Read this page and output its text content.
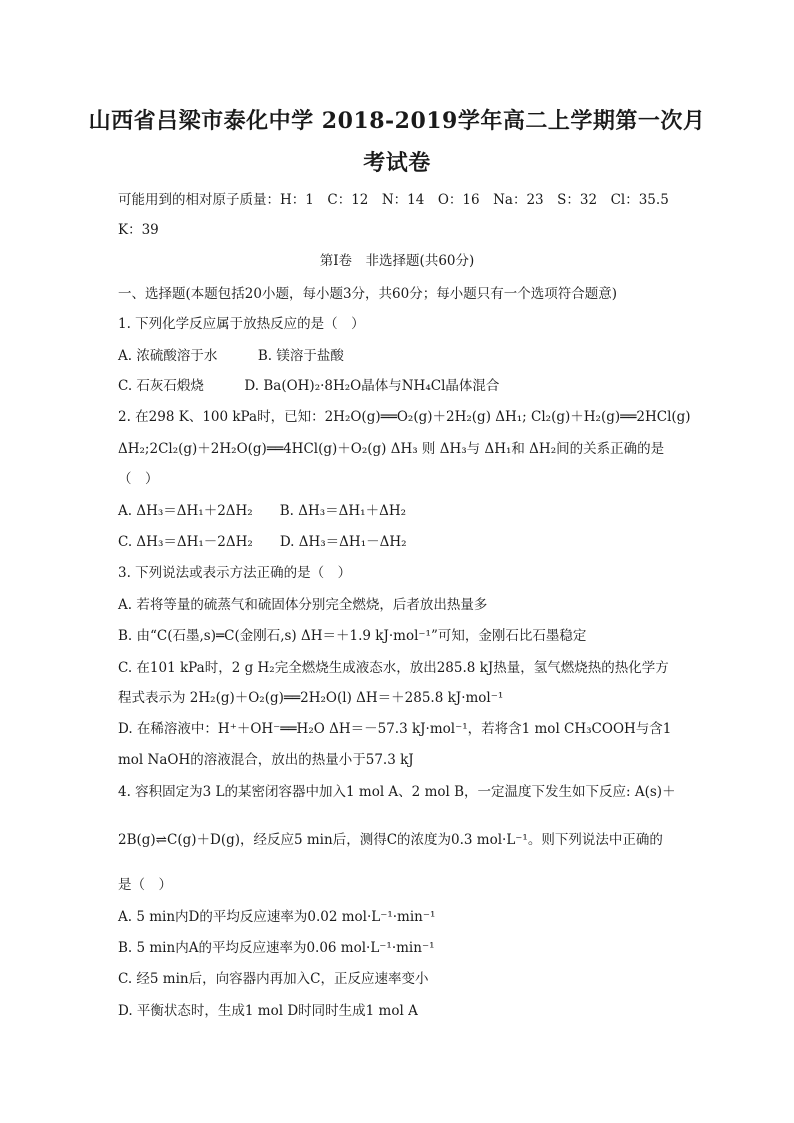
山西省吕梁市泰化中学 2018-2019学年高二上学期第一次月
考试卷
可能用到的相对原子质量：H：1　C：12　N：14　O：16　Na：23　S：32　Cl：35.5
K：39
第Ⅰ卷　非选择题(共60分)
一、选择题(本题包括20小题，每小题3分，共60分；每小题只有一个选项符合题意)
1. 下列化学反应属于放热反应的是（　）
A. 浓硫酸溶于水　　　B. 镁溶于盐酸
C. 石灰石煅烧　　　D. Ba(OH)₂·8H₂O晶体与NH₄Cl晶体混合
2. 在298 K、100 kPa时，已知：2H₂O(g)══O₂(g)＋2H₂(g) ΔH₁; Cl₂(g)＋H₂(g)══2HCl(g)
ΔH₂;2Cl₂(g)＋2H₂O(g)══4HCl(g)＋O₂(g) ΔH₃ 则 ΔH₃与 ΔH₁和 ΔH₂间的关系正确的是
（　）
A. ΔH₃＝ΔH₁＋2ΔH₂　　B. ΔH₃＝ΔH₁＋ΔH₂
C. ΔH₃＝ΔH₁－2ΔH₂　　D. ΔH₃＝ΔH₁－ΔH₂
3. 下列说法或表示方法正确的是（　）
A. 若将等量的硫蒸气和硫固体分别完全燃烧，后者放出热量多
B. 由“C(石墨,s)═C(金刚石,s) ΔH＝＋1.9 kJ·mol⁻¹”可知，金刚石比石墨稳定
C. 在101 kPa时，2 g H₂完全燃烧生成液态水，放出285.8 kJ热量，氢气燃烧热的热化学方
程式表示为 2H₂(g)＋O₂(g)══2H₂O(l) ΔH＝＋285.8 kJ·mol⁻¹
D. 在稀溶液中：H⁺＋OH⁻══H₂O ΔH＝－57.3 kJ·mol⁻¹，若将含1 mol CH₃COOH与含1
mol NaOH的溶液混合，放出的热量小于57.3 kJ
4. 容积固定为3 L的某密闭容器中加入1 mol A、2 mol B，一定温度下发生如下反应: A(s)＋
2B(g)⇌C(g)＋D(g)，经反应5 min后，测得C的浓度为0.3 mol·L⁻¹。则下列说法中正确的
是（　）
A. 5 min内D的平均反应速率为0.02 mol·L⁻¹·min⁻¹
B. 5 min内A的平均反应速率为0.06 mol·L⁻¹·min⁻¹
C. 经5 min后，向容器内再加入C，正反应速率变小
D. 平衡状态时，生成1 mol D时同时生成1 mol A
